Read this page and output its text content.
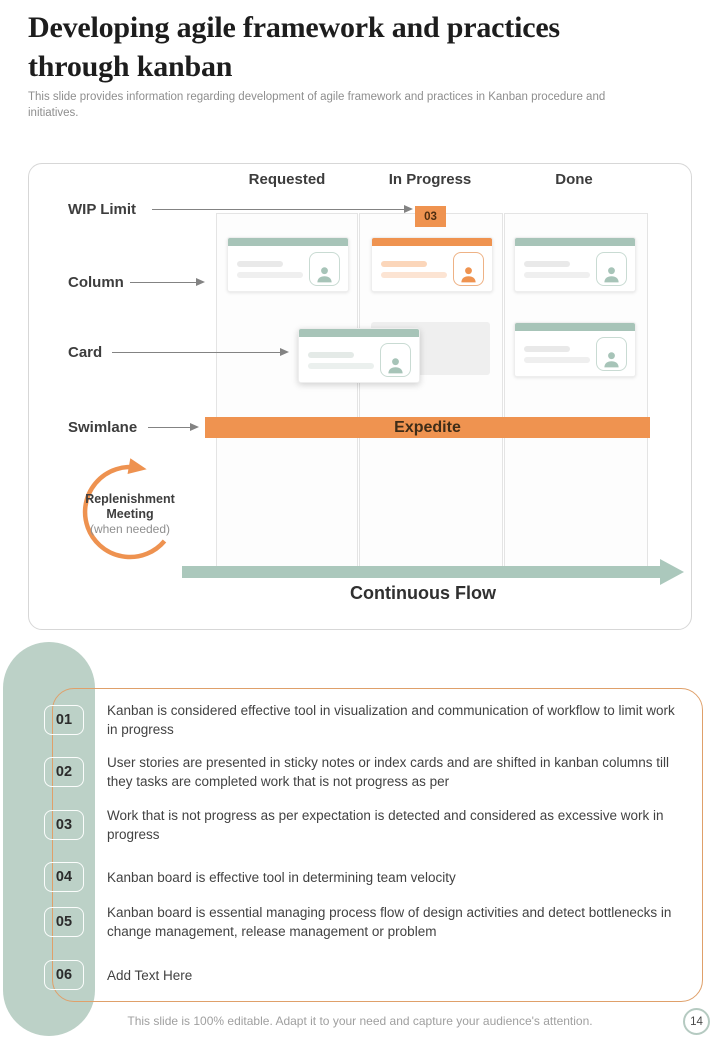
Developing agile framework and practices through kanban
This slide provides information regarding development of agile framework and practices in Kanban procedure and initiatives.
Requested	In Progress	Done
WIP Limit
Column
Card
Swimlane
03
Expedite
Replenishment
Meeting
(when needed)
Continuous Flow
01
Kanban is considered effective tool in visualization and communication of workflow to limit work in progress
02
User stories are presented in sticky notes or index cards and are shifted in kanban columns till they tasks are completed work that is not progress as per
03
Work that is not progress as per expectation is detected and considered as excessive work in progress
04	Kanban board is effective tool in determining team velocity
05
Kanban board is essential managing process flow of design activities and detect bottlenecks in change management, release management or problem
06	Add Text Here
This slide is 100% editable. Adapt it to your need and capture your audience's attention.	14
